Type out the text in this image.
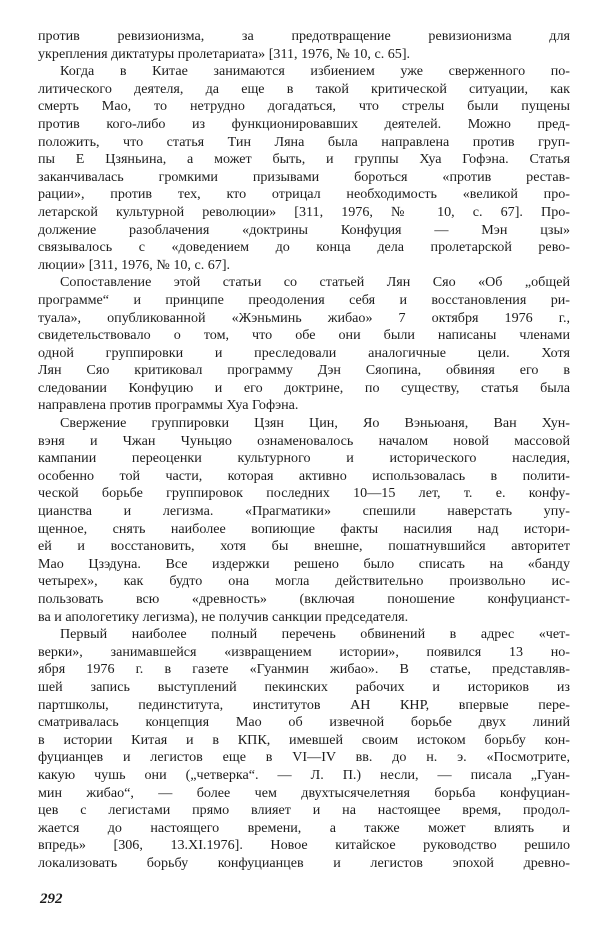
против ревизионизма, за предотвращение ревизионизма для
укрепления диктатуры пролетариата» [311, 1976, № 10, с. 65].
Когда в Китае занимаются избиением уже сверженного по-
литического деятеля, да еще в такой критической ситуации, как
смерть Мао, то нетрудно догадаться, что стрелы были пущены
против кого-либо из функционировавших деятелей. Можно пред-
положить, что статья Тин Ляна была направлена против груп-
пы Е Цзяньина, а может быть, и группы Хуа Гофэна. Статья
заканчивалась громкими призывами бороться «против рестав-
рации», против тех, кто отрицал необходимость «великой про-
летарской культурной революции» [311, 1976, № 10, с. 67]. Про-
должение разоблачения «доктрины Конфуция — Мэн цзы»
связывалось с «доведением до конца дела пролетарской рево-
люции» [311, 1976, № 10, с. 67].
Сопоставление этой статьи со статьей Лян Сяо «Об „общей
программе“ и принципе преодоления себя и восстановления ри-
туала», опубликованной «Жэньминь жибао» 7 октября 1976 г.,
свидетельствовало о том, что обе они были написаны членами
одной группировки и преследовали аналогичные цели. Хотя
Лян Сяо критиковал программу Дэн Сяопина, обвиняя его в
следовании Конфуцию и его доктрине, по существу, статья была
направлена против программы Хуа Гофэна.
Свержение группировки Цзян Цин, Яо Вэньюаня, Ван Хун-
вэня и Чжан Чуньцяо ознаменовалось началом новой массовой
кампании переоценки культурного и исторического наследия,
особенно той части, которая активно использовалась в полити-
ческой борьбе группировок последних 10—15 лет, т. е. конфу-
цианства и легизма. «Прагматики» спешили наверстать упу-
щенное, снять наиболее вопиющие факты насилия над истори-
ей и восстановить, хотя бы внешне, пошатнувшийся авторитет
Мао Цзэдуна. Все издержки решено было списать на «банду
четырех», как будто она могла действительно произвольно ис-
пользовать всю «древность» (включая поношение конфуцианст-
ва и апологетику легизма), не получив санкции председателя.
Первый наиболее полный перечень обвинений в адрес «чет-
верки», занимавшейся «извращением истории», появился 13 но-
ября 1976 г. в газете «Гуанмин жибао». В статье, представляв-
шей запись выступлений пекинских рабочих и историков из
партшколы, пединститута, институтов АН КНР, впервые пере-
сматривалась концепция Мао об извечной борьбе двух линий
в истории Китая и в КПК, имевшей своим истоком борьбу кон-
фуцианцев и легистов еще в VI—IV вв. до н. э. «Посмотрите,
какую чушь они („четверка“. — Л. П.) несли, — писала „Гуан-
мин жибао“, — более чем двухтысячелетняя борьба конфуциан-
цев с легистами прямо влияет и на настоящее время, продол-
жается до настоящего времени, а также может влиять и
впредь» [306, 13.XI.1976]. Новое китайское руководство решило
локализовать борьбу конфуцианцев и легистов эпохой древно-
292
